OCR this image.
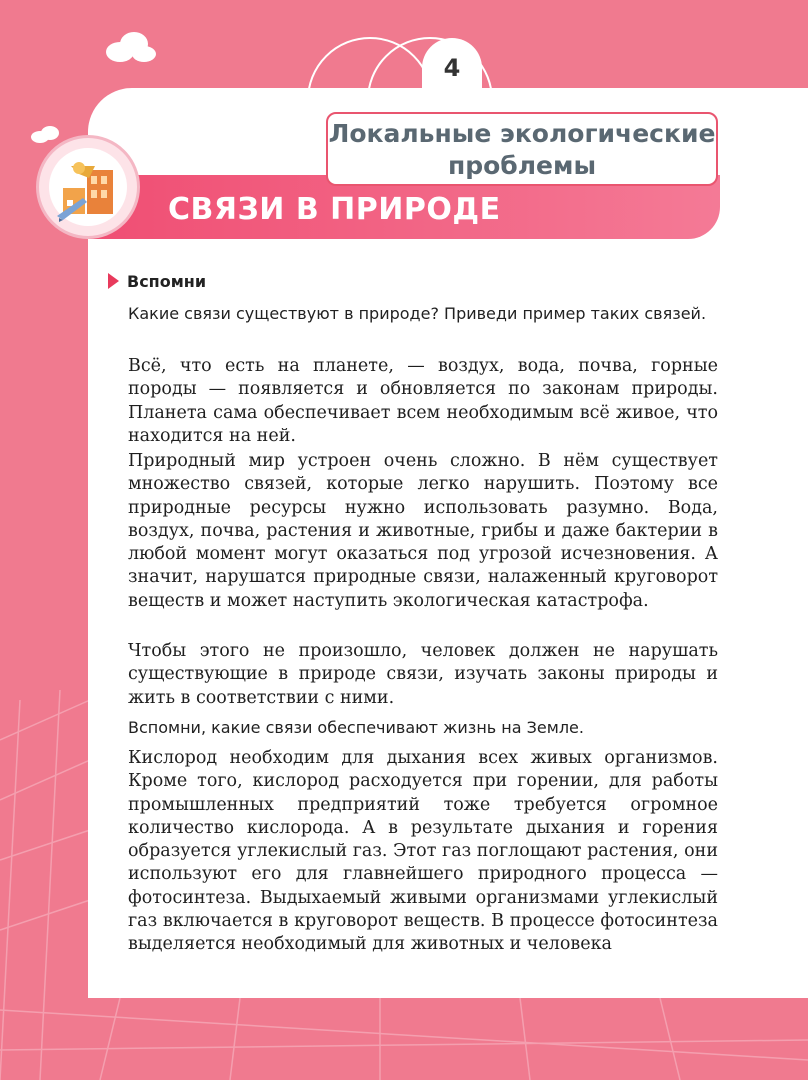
4
СВЯЗИ В ПРИРОДЕ
Локальные экологические
проблемы
Вспомни
Какие связи существуют в природе? Приведи пример таких связей.

Всё, что есть на планете, — воздух, вода, почва, горные породы — появляется и обновляется по законам природы. Планета сама обеспечивает всем необходимым всё живое, что находится на ней.

Природный мир устроен очень сложно. В нём существует множество связей, которые легко нарушить. Поэтому все природные ресурсы нужно использовать разумно. Вода, воздух, почва, растения и животные, грибы и даже бактерии в любой момент могут оказаться под угрозой исчезновения. А значит, нарушатся природные связи, налаженный круговорот веществ и может наступить экологическая катастрофа.

Чтобы этого не произошло, человек должен не нарушать существующие в природе связи, изучать законы природы и жить в соответствии с ними.

Вспомни, какие связи обеспечивают жизнь на Земле.

Кислород необходим для дыхания всех живых организмов. Кроме того, кислород расходуется при горении, для работы промышленных предприятий тоже требуется огромное количество кислорода. А в результате дыхания и горения образуется углекислый газ. Этот газ поглощают растения, они используют его для главнейшего природного процесса — фотосинтеза. Выдыхаемый живыми организмами углекислый газ включается в круговорот веществ. В процессе фотосинтеза выделяется необходимый для животных и человека
